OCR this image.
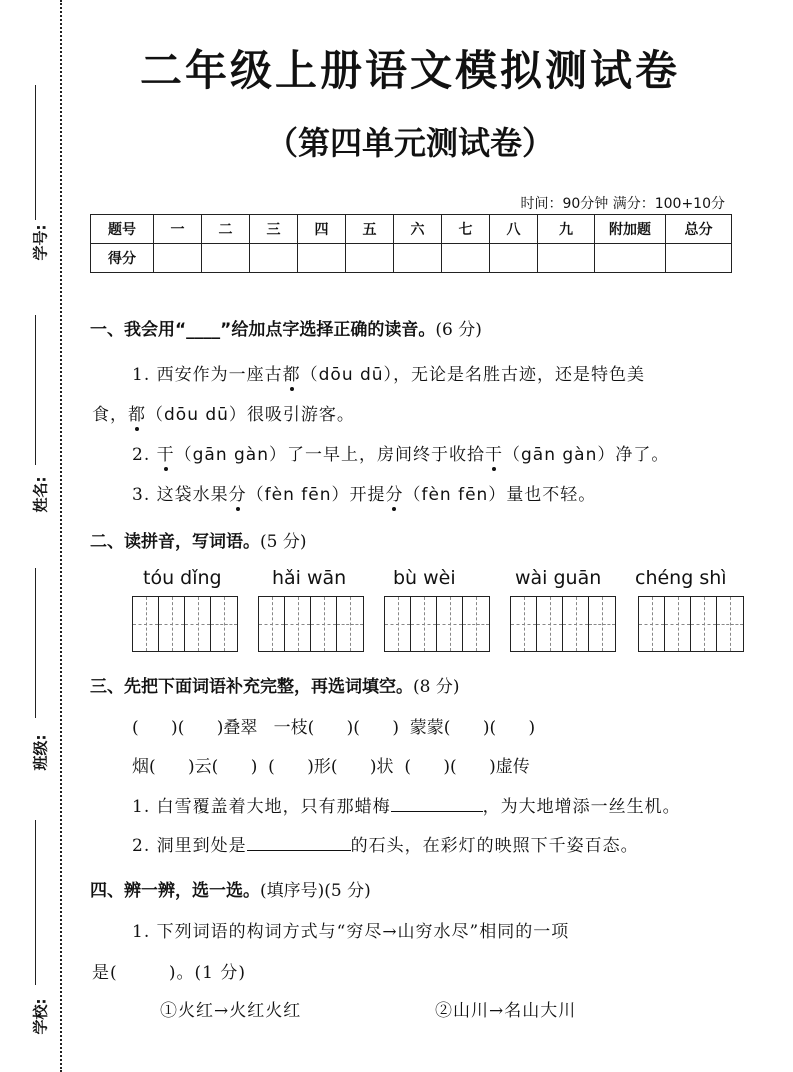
学号:
姓名:
班级:
学校:
二年级上册语文模拟测试卷
（第四单元测试卷）
时间：90分钟 满分：100+10分
题号	一	二	三	四	五	六	七	八	九	附加题	总分
得分											
一、我会用“____”给加点字选择正确的读音。(6 分)
1. 西安作为一座古都（dōu dū），无论是名胜古迹，还是特色美
食，都（dōu dū）很吸引游客。
2. 干（gān gàn）了一早上，房间终于收拾干（gān gàn）净了。
3. 这袋水果分（fèn fēn）开提分（fèn fēn）量也不轻。
二、读拼音，写词语。(5 分)
tóu dǐng	hǎi wān bù wèi	wài guān chéng shì
三、先把下面词语补充完整，再选词填空。(8 分)
(      )(      )叠翠   一枝(      )(      )  蒙蒙(      )(      )
烟(      )云(      )  (      )形(      )状  (      )(      )虚传
1. 白雪覆盖着大地，只有那蜡梅	，为大地增添一丝生机。
2. 洞里到处是	的石头，在彩灯的映照下千姿百态。
四、辨一辨，选一选。(填序号)(5 分)
1. 下列词语的构词方式与“穷尽→山穷水尽”相同的一项
是(        )。(1 分)
①火红→火红火红	②山川→名山大川
